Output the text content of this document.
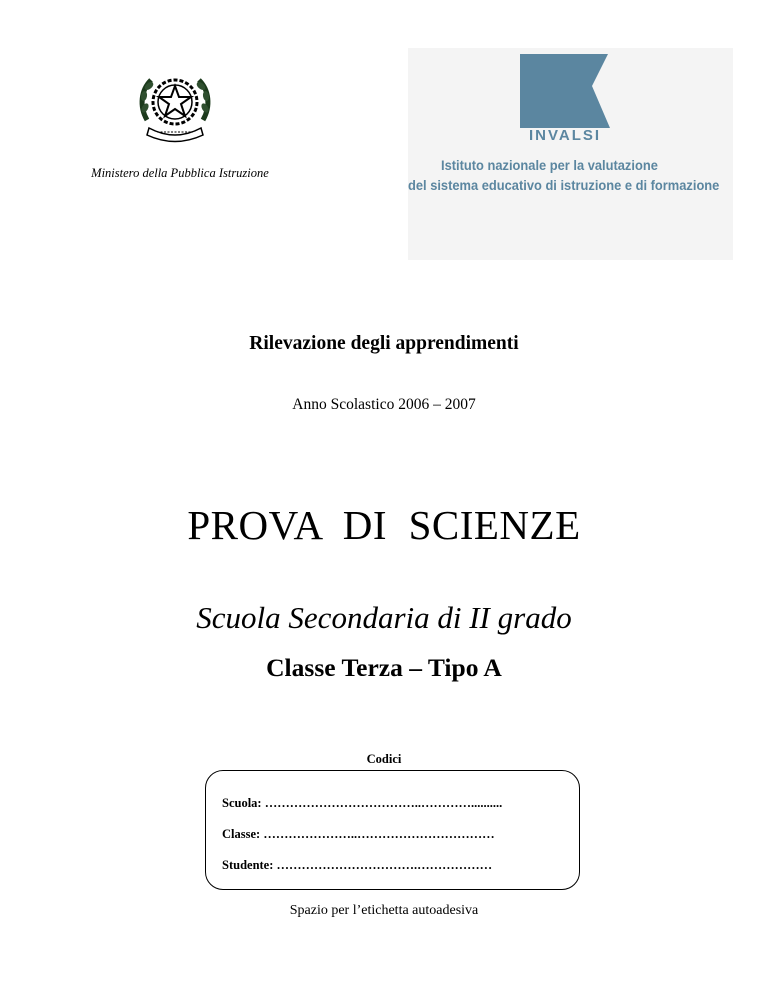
Ministero della Pubblica Istruzione
INVALSI
Istituto nazionale per la valutazione
del sistema educativo di istruzione e di formazione
Rilevazione degli apprendimenti
Anno Scolastico 2006 – 2007
PROVA  DI  SCIENZE
Scuola Secondaria di II grado
Classe Terza – Tipo A
Codici
Scuola: ………………………………..…………..........
Classe: …………………..……………………………
Studente: …………………………….………………
Spazio per l’etichetta autoadesiva
